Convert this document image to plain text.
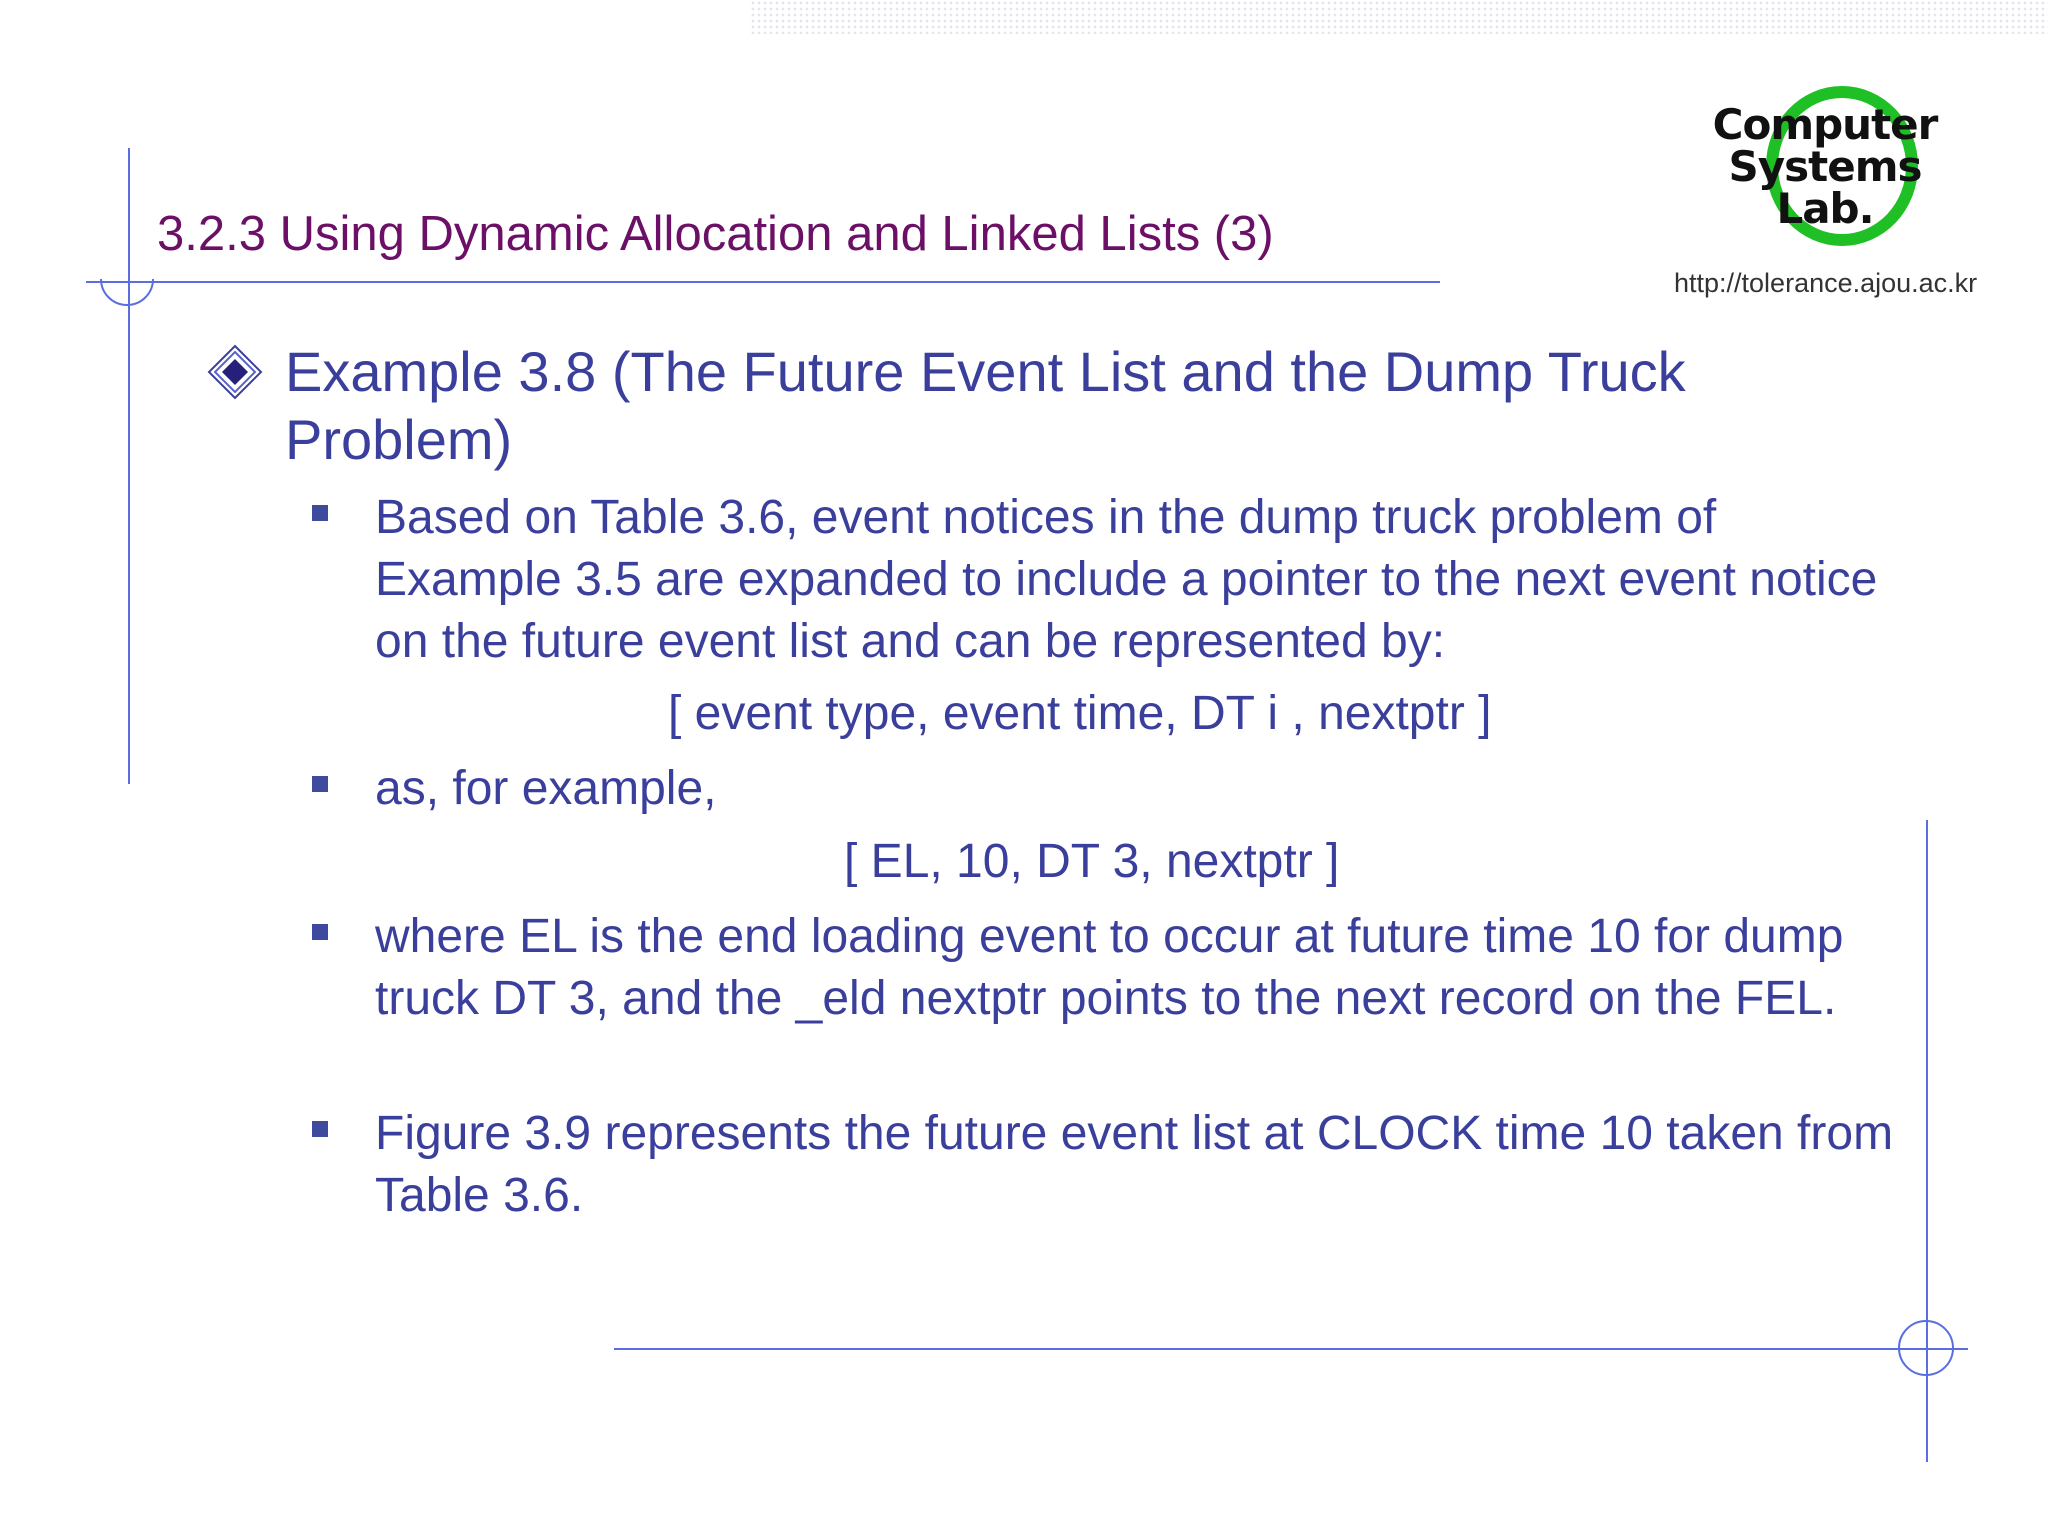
3.2.3 Using Dynamic Allocation and Linked Lists (3)
Computer
Systems
Lab.
http://tolerance.ajou.ac.kr
Example 3.8 (The Future Event List and the Dump Truck Problem)
Based on Table 3.6, event notices in the dump truck problem of Example 3.5 are expanded to include a pointer to the next event notice on the future event list and can be represented by:
[ event type, event time, DT i , nextptr ]
as, for example,
[ EL, 10, DT 3, nextptr ]
where EL is the end loading event to occur at future time 10 for dump truck DT 3, and the _eld nextptr points to the next record on the FEL.
Figure 3.9 represents the future event list at CLOCK time 10 taken from Table 3.6.
